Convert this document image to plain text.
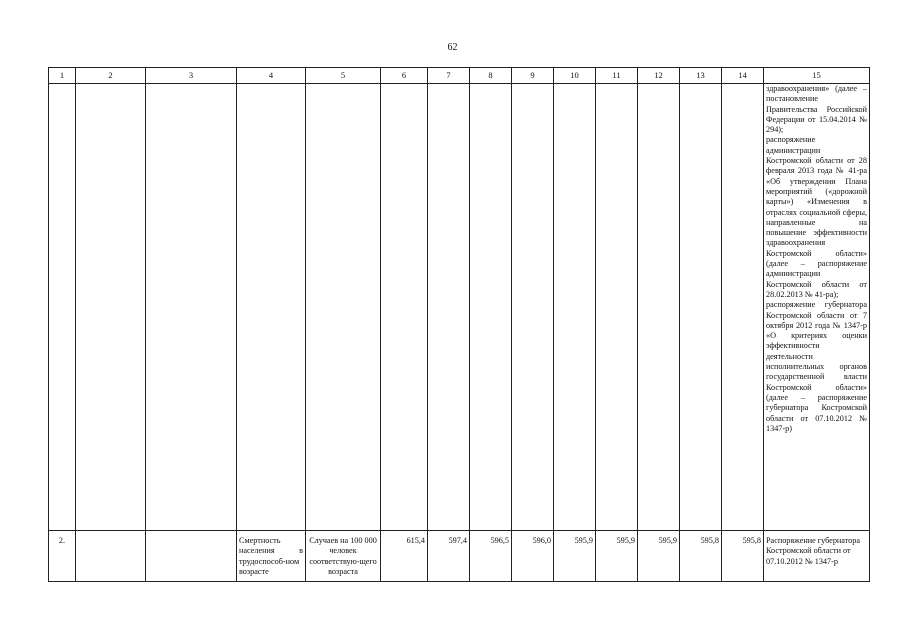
62
1	2	3	4	5	6	7	8	9	10	11	12	13	14	15
														здравоохранения» (далее – постановление Правительства Российской Федерации от 15.04.2014 № 294);
распоряжение администрации Костромской области от 28 февраля 2013 года № 41-ра «Об утверждении Плана мероприятий («дорожной карты») «Изменения в отраслях социальной сферы, направленные на повышение эффективности здравоохранения Костромской области» (далее – распоряжение администрации Костромской области от 28.02.2013 № 41-ра);
распоряжение губернатора Костромской области от 7 октября 2012 года № 1347-р «О критериях оценки эффективности деятельности исполнительных органов государственной власти Костромской области» (далее – распоряжение губернатора Костромской области от 07.10.2012 № 1347-р)
2.			Смертность населения в трудоспособ-ном возрасте	Случаев на 100 000 человек соответствую-щего возраста	615,4	597,4	596,5	596,0	595,9	595,9	595,9	595,8	595,8	Распоряжение губернатора Костромской области от 07.10.2012 № 1347-р
